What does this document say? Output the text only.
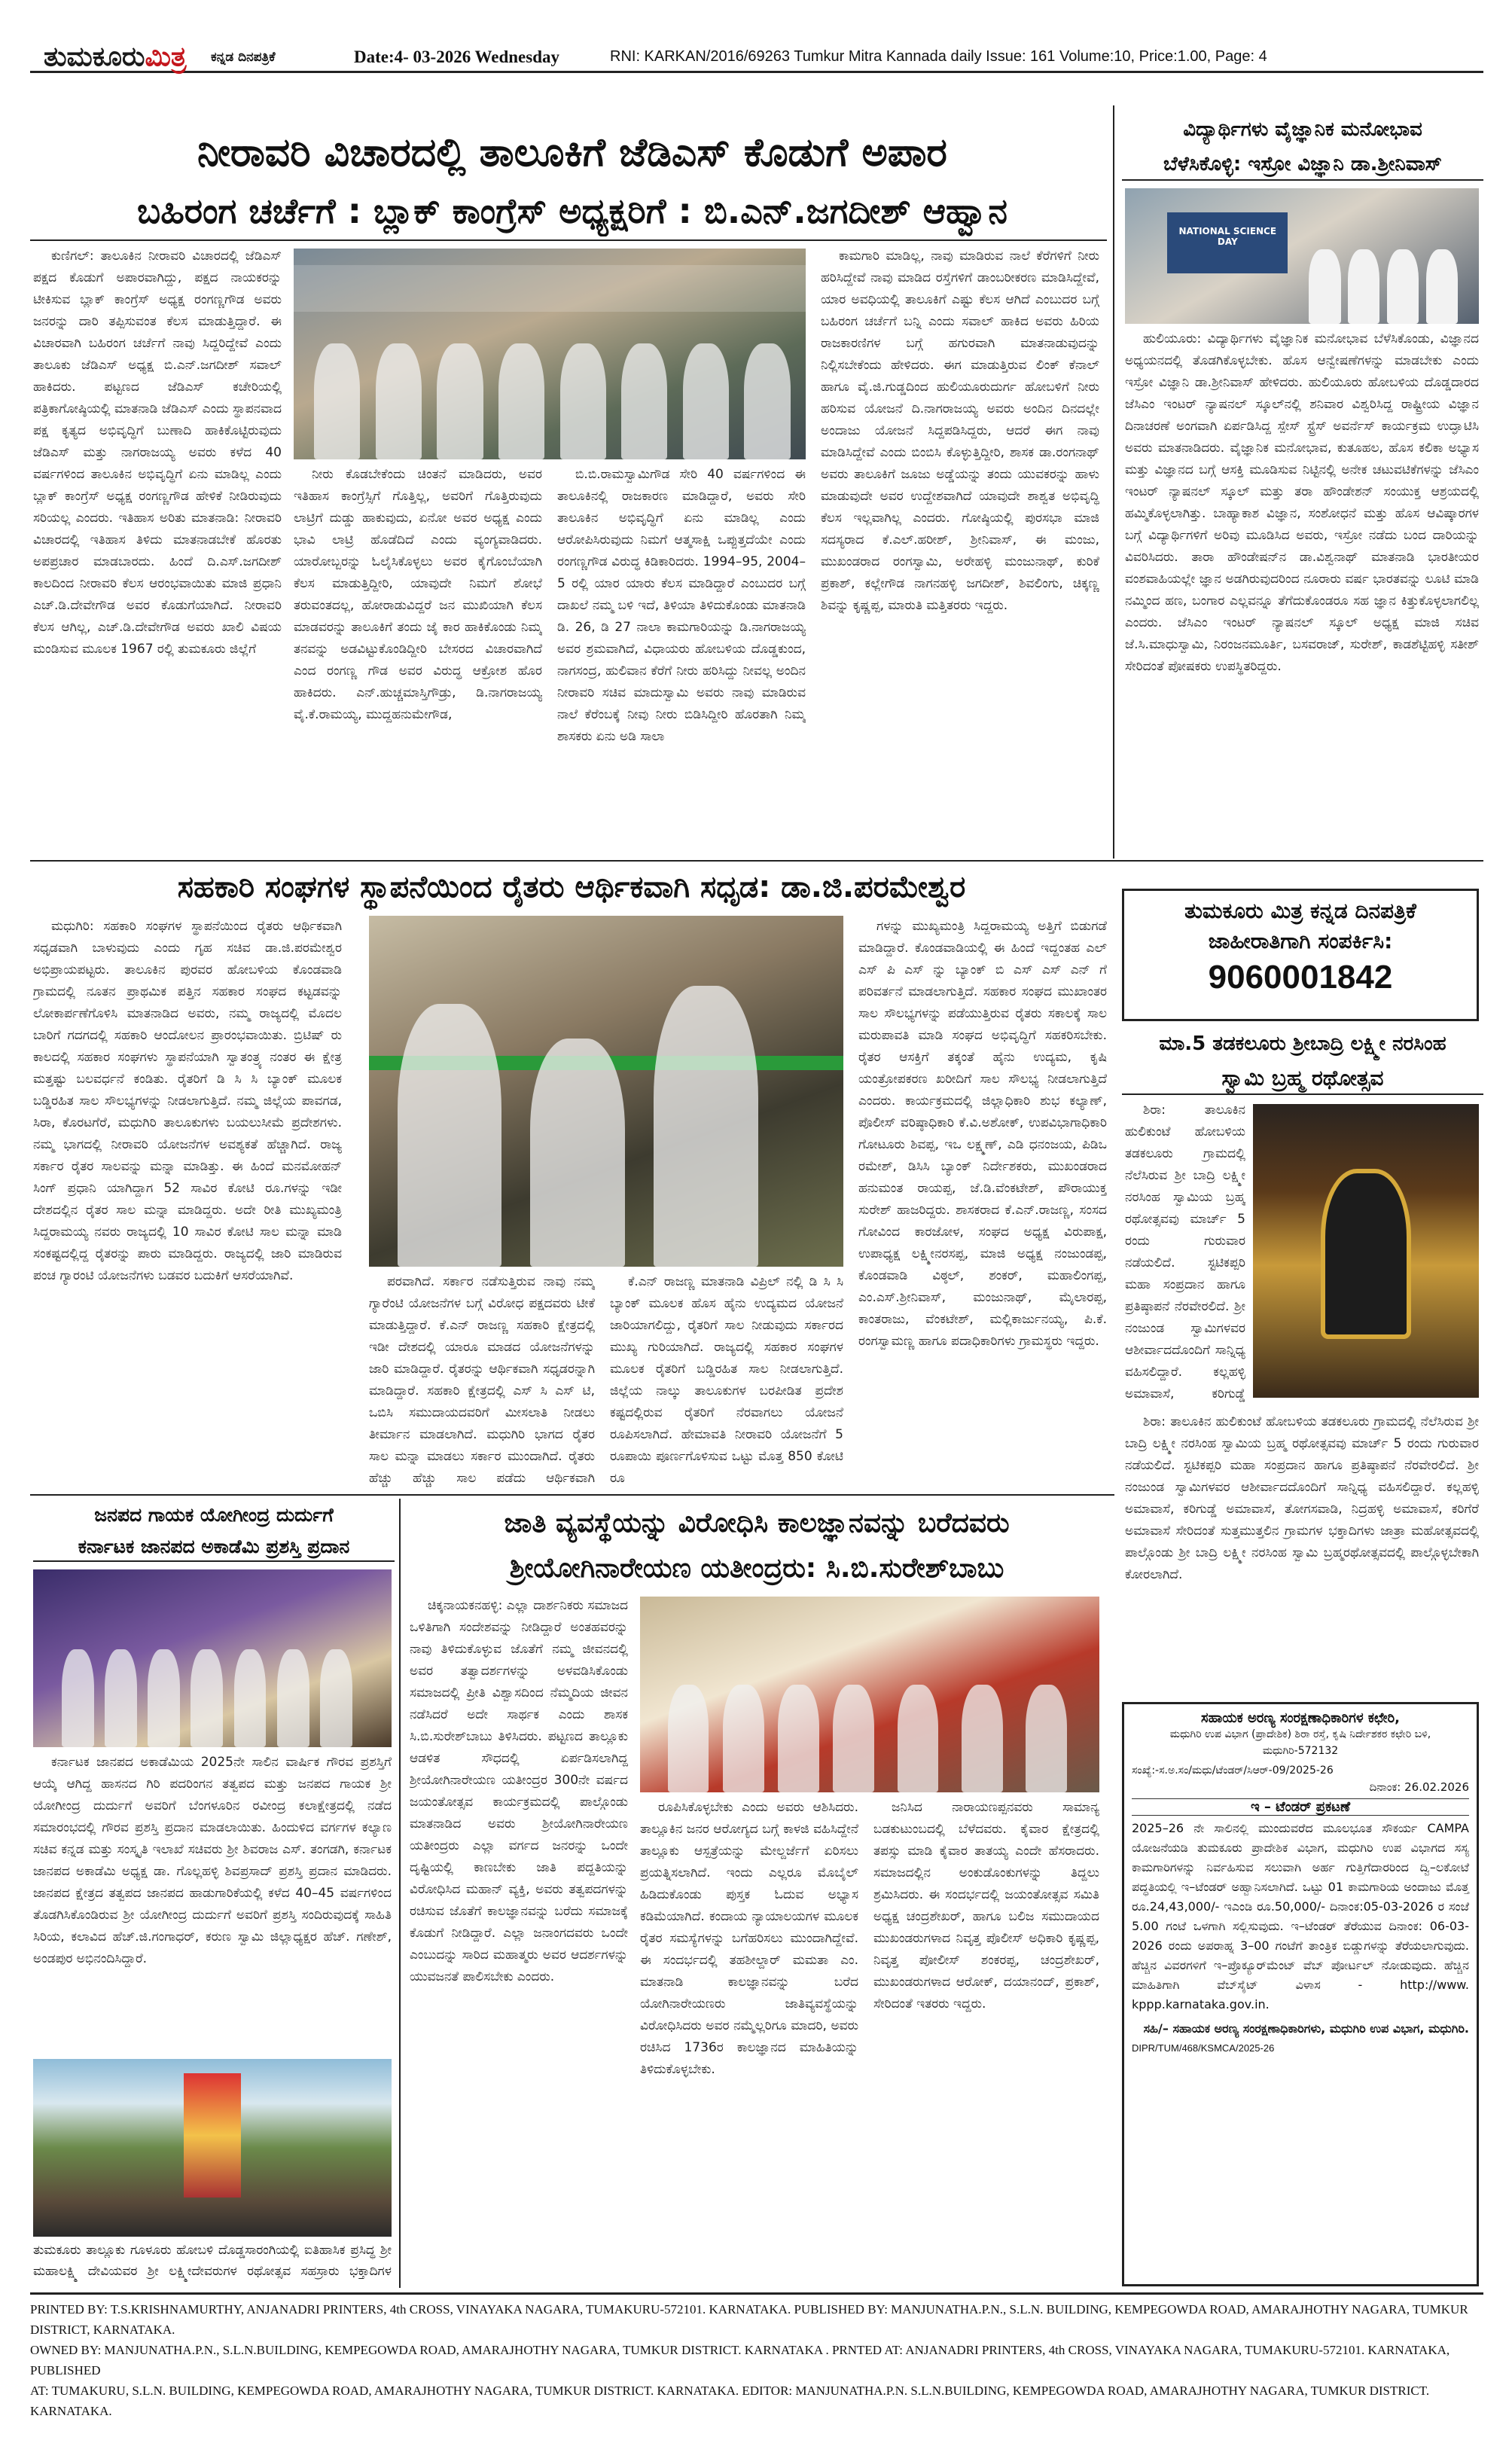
ತುಮಕೂರುಮಿತ್ರ ಕನ್ನಡ ದಿನಪತ್ರಿಕೆ	Date:4- 03-2026 Wednesday	RNI: KARKAN/2016/69263 Tumkur Mitra Kannada daily Issue: 161 Volume:10, Price:1.00, Page: 4
ನೀರಾವರಿ ವಿಚಾರದಲ್ಲಿ ತಾಲೂಕಿಗೆ ಜೆಡಿಎಸ್ ಕೊಡುಗೆ ಅಪಾರ
ಬಹಿರಂಗ ಚರ್ಚೆಗೆ : ಬ್ಲಾಕ್ ಕಾಂಗ್ರೆಸ್ ಅಧ್ಯಕ್ಷರಿಗೆ : ಬಿ.ಎನ್.ಜಗದೀಶ್ ಆಹ್ವಾನ

ಕುಣಿಗಲ್: ತಾಲೂಕಿನ ನೀರಾವರಿ ವಿಚಾರದಲ್ಲಿ ಜೆಡಿಎಸ್ ಪಕ್ಷದ ಕೊಡುಗೆ ಅಪಾರವಾಗಿದ್ದು, ಪಕ್ಷದ ನಾಯಕರನ್ನು ಟೀಕಿಸುವ ಬ್ಲಾಕ್ ಕಾಂಗ್ರೆಸ್ ಅಧ್ಯಕ್ಷ ರಂಗಣ್ಣಗೌಡ ಅವರು ಜನರನ್ನು ದಾರಿ ತಪ್ಪಿಸುವಂತ ಕೆಲಸ ಮಾಡುತ್ತಿದ್ದಾರೆ. ಈ ವಿಚಾರವಾಗಿ ಬಹಿರಂಗ ಚರ್ಚೆಗೆ ನಾವು ಸಿದ್ದರಿದ್ದೇವೆ ಎಂದು ತಾಲೂಕು ಜೆಡಿಎಸ್ ಅಧ್ಯಕ್ಷ ಬಿ.ಎನ್.ಜಗದೀಶ್ ಸವಾಲ್ ಹಾಕಿದರು. ಪಟ್ಟಣದ ಜೆಡಿಎಸ್ ಕಚೇರಿಯಲ್ಲಿ ಪತ್ರಿಕಾಗೋಷ್ಠಿಯಲ್ಲಿ ಮಾತನಾಡಿ ಜೆಡಿಎಸ್ ಎಂದು ಸ್ಥಾಪನವಾದ ಪಕ್ಷ ಕೃತ್ಯದ ಅಭಿವೃದ್ಧಿಗೆ ಬುಣಾದಿ ಹಾಕಿಕೊಟ್ಟಿರುವುದು ಜೆಡಿಎಸ್ ಮತ್ತು ನಾಗರಾಜಯ್ಯ ಅವರು ಕಳೆದ 40 ವರ್ಷಗಳಿಂದ ತಾಲೂಕಿನ ಅಭಿವೃದ್ಧಿಗೆ ಏನು ಮಾಡಿಲ್ಲ ಎಂದು ಬ್ಲಾಕ್ ಕಾಂಗ್ರೆಸ್ ಅಧ್ಯಕ್ಷ ರಂಗಣ್ಣಗೌಡ ಹೇಳಿಕೆ ನೀಡಿರುವುದು ಸರಿಯಲ್ಲ ಎಂದರು. ಇತಿಹಾಸ ಅರಿತು ಮಾತನಾಡಿ: ನೀರಾವರಿ ವಿಚಾರದಲ್ಲಿ ಇತಿಹಾಸ ತಿಳಿದು ಮಾತನಾಡಬೇಕೆ ಹೊರತು ಅಪಪ್ರಚಾರ ಮಾಡಬಾರದು. ಹಿಂದೆ ದಿ.ಎಸ್.ಜಗದೀಶ್ ಕಾಲದಿಂದ ನೀರಾವರಿ ಕೆಲಸ ಆರಂಭವಾಯಿತು ಮಾಜಿ ಪ್ರಧಾನಿ ಎಚ್.ಡಿ.ದೇವೇಗೌಡ ಅವರ ಕೊಡುಗೆಯಾಗಿದೆ. ನೀರಾವರಿ ಕೆಲಸ ಆಗಿಲ್ಲ, ಎಚ್.ಡಿ.ದೇವೇಗೌಡ ಅವರು ಖಾಲಿ ವಿಷಯ ಮಂಡಿಸುವ ಮೂಲಕ 1967 ರಲ್ಲಿ ತುಮಕೂರು ಜಿಲ್ಲೆಗೆ

ನೀರು ಕೊಡಬೇಕೆಂದು ಚಿಂತನೆ ಮಾಡಿದರು, ಅವರ ಇತಿಹಾಸ ಕಾಂಗ್ರೆಸ್ಸಿಗೆ ಗೊತ್ತಿಲ್ಲ, ಅವರಿಗೆ ಗೊತ್ತಿರುವುದು ಲಾಟ್ರಿಗೆ ದುಡ್ಡು ಹಾಕುವುದು, ಏನೋ ಅವರ ಅಧ್ಯಕ್ಷ ಎಂದು ಭಾವಿ ಲಾಟ್ರಿ ಹೊಡೆದಿದೆ ಎಂದು ವ್ಯಂಗ್ಯವಾಡಿದರು. ಯಾರೋಬ್ಬರನ್ನು ಓಲೈಸಿಕೊಳ್ಳಲು ಅವರ ಕೈಗೊಂಬೆಯಾಗಿ ಕೆಲಸ ಮಾಡುತ್ತಿದ್ದೀರಿ, ಯಾವುದೇ ನಿಮಗೆ ಶೋಭೆ ತರುವಂತದಲ್ಲ, ಹೋರಾಡುವಿದ್ದರೆ ಜನ ಮುಖಿಯಾಗಿ ಕೆಲಸ ಮಾಡವರನ್ನು ತಾಲೂಕಿಗೆ ತಂದು ಜೈ ಕಾರ ಹಾಕಿಕೊಂಡು ನಿಮ್ಮ ತನವನ್ನು ಅಡವಿಟ್ಟುಕೊಂಡಿದ್ದೀರಿ ಬೇಸರದ ವಿಚಾರವಾಗಿದೆ ಎಂದ ರಂಗಣ್ಣ ಗೌಡ ಅವರ ವಿರುದ್ಧ ಆಕ್ರೋಶ ಹೊರ ಹಾಕಿದರು. ಎನ್.ಹುಚ್ಚಮಾಸ್ತಿಗೌಡ್ರು, ಡಿ.ನಾಗರಾಜಯ್ಯ ವೈ.ಕೆ.ರಾಮಯ್ಯ, ಮುದ್ದಹನುಮೇಗೌಡ,

ಬಿ.ಬಿ.ರಾಮಸ್ವಾಮಿಗೌಡ ಸೇರಿ 40 ವರ್ಷಗಳಿಂದ ಈ ತಾಲೂಕಿನಲ್ಲಿ ರಾಜಕಾರಣ ಮಾಡಿದ್ದಾರೆ, ಅವರು ಸೇರಿ ತಾಲೂಕಿನ ಅಭಿವೃದ್ಧಿಗೆ ಏನು ಮಾಡಿಲ್ಲ ಎಂದು ಆರೋಪಿಸಿರುವುದು ನಿಮಗೆ ಆತ್ಮಸಾಕ್ಷಿ ಒಪ್ಪುತ್ತದೆಯೇ ಎಂದು ರಂಗಣ್ಣಗೌಡ ವಿರುದ್ಧ ಕಿಡಿಕಾರಿದರು. 1994–95, 2004–5 ರಲ್ಲಿ ಯಾರ ಯಾರು ಕೆಲಸ ಮಾಡಿದ್ದಾರೆ ಎಂಬುದರ ಬಗ್ಗೆ ದಾಖಲೆ ನಮ್ಮ ಬಳಿ ಇದೆ, ತಿಳಿಯಾ ತಿಳಿದುಕೊಂಡು ಮಾತನಾಡಿ ಡಿ. 26, ಡಿ 27 ನಾಲಾ ಕಾಮಗಾರಿಯನ್ನು ಡಿ.ನಾಗರಾಜಯ್ಯ ಅವರ ಶ್ರಮವಾಗಿದೆ, ವಿಧಾಯರು ಹೋಬಳಿಯ ದೊಡ್ಡಕುಂದ, ನಾಗಸಂದ್ರ, ಹುಲಿವಾನ ಕೆರೆಗೆ ನೀರು ಹರಿಸಿದ್ದು ನೀವಲ್ಲ ಅಂದಿನ ನೀರಾವರಿ ಸಚಿವ ಮಾದುಸ್ವಾಮಿ ಅವರು ನಾವು ಮಾಡಿರುವ ನಾಲೆ ಕೆರೆಂಬಕ್ಕೆ ನೀವು ನೀರು ಬಿಡಿಸಿದ್ದೀರಿ ಹೊರತಾಗಿ ನಿಮ್ಮ ಶಾಸಕರು ಏನು ಅಡಿ ಸಾಲಾ

ಕಾಮಗಾರಿ ಮಾಡಿಲ್ಲ, ನಾವು ಮಾಡಿರುವ ನಾಲೆ ಕೆರೆಗಳಿಗೆ ನೀರು ಹರಿಸಿದ್ದೇವೆ ನಾವು ಮಾಡಿದ ರಸ್ತೆಗಳಿಗೆ ಡಾಂಬರೀಕರಣ ಮಾಡಿಸಿದ್ದೇವೆ, ಯಾರ ಅವಧಿಯಲ್ಲಿ ತಾಲೂಕಿಗೆ ಎಷ್ಟು ಕೆಲಸ ಆಗಿದೆ ಎಂಬುದರ ಬಗ್ಗೆ ಬಹಿರಂಗ ಚರ್ಚೆಗೆ ಬನ್ನಿ ಎಂದು ಸವಾಲ್ ಹಾಕಿದ ಅವರು ಹಿರಿಯ ರಾಜಕಾರಣಿಗಳ ಬಗ್ಗೆ ಹಗುರವಾಗಿ ಮಾತನಾಡುವುದನ್ನು ನಿಲ್ಲಿಸಬೇಕೆಂದು ಹೇಳಿದರು. ಈಗ ಮಾಡುತ್ತಿರುವ ಲಿಂಕ್ ಕೆನಾಲ್ ಹಾಗೂ ವೈ.ಜಿ.ಗುಡ್ಡದಿಂದ ಹುಲಿಯೂರುದುರ್ಗ ಹೋಬಳಿಗೆ ನೀರು ಹರಿಸುವ ಯೋಜನೆ ದಿ.ನಾಗರಾಜಯ್ಯ ಅವರು ಅಂದಿನ ದಿನದಲ್ಲೇ ಅಂದಾಜು ಯೋಜನೆ ಸಿದ್ದಪಡಿಸಿದ್ದರು, ಆದರೆ ಈಗ ನಾವು ಮಾಡಿಸಿದ್ದೇವೆ ಎಂದು ಬಿಂಬಿಸಿ ಕೊಳ್ಳುತ್ತಿದ್ದೀರಿ, ಶಾಸಕ ಡಾ.ರಂಗನಾಥ್ ಅವರು ತಾಲೂಕಿಗೆ ಜೂಜು ಅಡ್ಡೆಯನ್ನು ತಂದು ಯುವಕರನ್ನು ಹಾಳು ಮಾಡುವುದೇ ಅವರ ಉದ್ದೇಶವಾಗಿದೆ ಯಾವುದೇ ಶಾಶ್ವತ ಅಭಿವೃದ್ಧಿ ಕೆಲಸ ಇಲ್ಲವಾಗಿಲ್ಲ ಎಂದರು. ಗೋಷ್ಠಿಯಲ್ಲಿ ಪುರಸಭಾ ಮಾಜಿ ಸದಸ್ಯರಾದ ಕೆ.ಎಲ್.ಹರೀಶ್, ಶ್ರೀನಿವಾಸ್, ಈ ಮಂಜು, ಮುಖಂಡರಾದ ರಂಗಸ್ವಾಮಿ, ಅರೇಹಳ್ಳಿ ಮಂಜುನಾಥ್, ಕುರಿಕೆ ಪ್ರಕಾಶ್, ಕಲ್ಲೇಗೌಡ ನಾಗನಹಳ್ಳಿ ಜಗದೀಶ್, ಶಿವಲಿಂಗು, ಚಿಕ್ಕಣ್ಣ ಶಿವನ್ನು ಕೃಷ್ಣಪ್ಪ, ಮಾರುತಿ ಮತ್ತಿತರರು ಇದ್ದರು.

ವಿದ್ಯಾರ್ಥಿಗಳು ವೈಜ್ಞಾನಿಕ ಮನೋಭಾವ
ಬೆಳೆಸಿಕೊಳ್ಳಿ: ಇಸ್ರೋ ವಿಜ್ಞಾನಿ ಡಾ.ಶ್ರೀನಿವಾಸ್
NATIONAL SCIENCE DAY

ಹುಲಿಯೂರು: ವಿದ್ಯಾರ್ಥಿಗಳು ವೈಜ್ಞಾನಿಕ ಮನೋಭಾವ ಬೆಳೆಸಿಕೊಂಡು, ವಿಜ್ಞಾನದ ಅಧ್ಯಯನದಲ್ಲಿ ತೊಡಗಿಕೊಳ್ಳಬೇಕು. ಹೊಸ ಆನ್ವೇಷಣೆಗಳನ್ನು ಮಾಡಬೇಕು ಎಂದು ಇಸ್ರೋ ವಿಜ್ಞಾನಿ ಡಾ.ಶ್ರೀನಿವಾಸ್ ಹೇಳಿದರು. ಹುಲಿಯೂರು ಹೋಬಳಿಯ ದೊಡ್ಡದಾರದ ಜೆಸಿಎಂ ಇಂಟರ್ ನ್ಯಾಷನಲ್ ಸ್ಕೂಲ್‌ನಲ್ಲಿ ಶನಿವಾರ ವಿಶ್ವರಿಸಿದ್ದ ರಾಷ್ಟ್ರೀಯ ವಿಜ್ಞಾನ ದಿನಾಚರಣೆ ಅಂಗವಾಗಿ ಏರ್ಪಡಿಸಿದ್ದ ಸ್ಪೇಸ್ ಸ್ಟ್ರೆಸ್ ಅವರ್ನೆಸ್ ಕಾರ್ಯಕ್ರಮ ಉದ್ಘಾಟಿಸಿ ಅವರು ಮಾತನಾಡಿದರು. ವೈಜ್ಞಾನಿಕ ಮನೋಭಾವ, ಕುತೂಹಲ, ಹೊಸ ಕಲಿಕಾ ಅಭ್ಯಾಸ ಮತ್ತು ವಿಜ್ಞಾನದ ಬಗ್ಗೆ ಆಸಕ್ತಿ ಮೂಡಿಸುವ ನಿಟ್ಟಿನಲ್ಲಿ ಅನೇಕ ಚಟುವಟಿಕೆಗಳನ್ನು ಜೆಸಿಎಂ ಇಂಟರ್ ನ್ಯಾಷನಲ್ ಸ್ಕೂಲ್ ಮತ್ತು ತರಾ ಹೌಂಡೇಶನ್ ಸಂಯುಕ್ತ ಆಶ್ರಯದಲ್ಲಿ ಹಮ್ಮಿಕೊಳ್ಳಲಾಗಿತ್ತು. ಬಾಹ್ಯಾಕಾಶ ವಿಜ್ಞಾನ, ಸಂಶೋಧನೆ ಮತ್ತು ಹೊಸ ಆವಿಷ್ಕಾರಗಳ ಬಗ್ಗೆ ವಿದ್ಯಾರ್ಥಿಗಳಿಗೆ ಅರಿವು ಮೂಡಿಸಿದ ಅವರು, ಇಸ್ರೋ ನಡೆದು ಬಂದ ದಾರಿಯನ್ನು ವಿವರಿಸಿದರು. ತಾರಾ ಹೌಂಡೇಷನ್‌ನ ಡಾ.ವಿಶ್ವನಾಥ್ ಮಾತನಾಡಿ ಭಾರತೀಯರ ವಂಶವಾಹಿಯಲ್ಲೇ ಜ್ಞಾನ ಅಡಗಿರುವುದರಿಂದ ನೂರಾರು ವರ್ಷ ಭಾರತವನ್ನು ಲೂಟಿ ಮಾಡಿ ನಮ್ಮಿಂದ ಹಣ, ಬಂಗಾರ ಎಲ್ಲವನ್ನೂ ತೆಗೆದುಕೊಂಡರೂ ಸಹ ಜ್ಞಾನ ಕಿತ್ತುಕೊಳ್ಳಲಾಗಲಿಲ್ಲ ಎಂದರು. ಜೆಸಿಎಂ ಇಂಟರ್ ನ್ಯಾಷನಲ್ ಸ್ಕೂಲ್ ಅಧ್ಯಕ್ಷ ಮಾಜಿ ಸಚಿವ ಜೆ.ಸಿ.ಮಾಧುಸ್ವಾಮಿ, ನಿರಂಜನಮೂರ್ತಿ, ಬಸವರಾಜ್, ಸುರೇಶ್, ಕಾಡಶೆಟ್ಟಿಹಳ್ಳಿ ಸತೀಶ್ ಸೇರಿದಂತೆ ಪೋಷಕರು ಉಪಸ್ಥಿತರಿದ್ದರು.

ಸಹಕಾರಿ ಸಂಘಗಳ ಸ್ಥಾಪನೆಯಿಂದ ರೈತರು ಆರ್ಥಿಕವಾಗಿ ಸಧೃಡ: ಡಾ.ಜಿ.ಪರಮೇಶ್ವರ

ಮಧುಗಿರಿ: ಸಹಕಾರಿ ಸಂಘಗಳ ಸ್ಥಾಪನೆಯಿಂದ ರೈತರು ಆರ್ಥಿಕವಾಗಿ ಸಧೃಡವಾಗಿ ಬಾಳುವುದು ಎಂದು ಗೃಹ ಸಚಿವ ಡಾ.ಜಿ.ಪರಮೇಶ್ವರ ಅಭಿಪ್ರಾಯಪಟ್ಟರು. ತಾಲೂಕಿನ ಪುರವರ ಹೋಬಳಿಯ ಕೊಂಡವಾಡಿ ಗ್ರಾಮದಲ್ಲಿ ನೂತನ ಪ್ರಾಥಮಿಕ ಪತ್ತಿನ ಸಹಕಾರ ಸಂಘದ ಕಟ್ಟಡವನ್ನು ಲೋಕಾರ್ಪಣೆಗೊಳಿಸಿ ಮಾತನಾಡಿದ ಅವರು, ನಮ್ಮ ರಾಜ್ಯದಲ್ಲಿ ಮೊದಲ ಬಾರಿಗೆ ಗದಗದಲ್ಲಿ ಸಹಕಾರಿ ಆಂದೋಲನ ಪ್ರಾರಂಭವಾಯಿತು. ಬ್ರಿಟಿಷ್ ರು ಕಾಲದಲ್ಲಿ ಸಹಕಾರ ಸಂಘಗಳು ಸ್ಥಾಪನೆಯಾಗಿ ಸ್ವಾತಂತ್ರ್ಯ ನಂತರ ಈ ಕ್ಷೇತ್ರ ಮತ್ತಷ್ಟು ಬಲವರ್ಧನೆ ಕಂಡಿತು. ರೈತರಿಗೆ ಡಿ ಸಿ ಸಿ ಬ್ಯಾಂಕ್ ಮೂಲಕ ಬಡ್ಡಿರಹಿತ ಸಾಲ ಸೌಲಭ್ಯಗಳನ್ನು ನೀಡಲಾಗುತ್ತಿದೆ. ನಮ್ಮ ಜಿಲ್ಲೆಯ ಪಾವಗಡ, ಸಿರಾ, ಕೊರಟಗೆರೆ, ಮಧುಗಿರಿ ತಾಲೂಕುಗಳು ಬಯಲುಸೀಮೆ ಪ್ರದೇಶಗಳು. ನಮ್ಮ ಭಾಗದಲ್ಲಿ ನೀರಾವರಿ ಯೋಜನೆಗಳ ಅವಶ್ಯಕತೆ ಹೆಚ್ಚಾಗಿದೆ. ರಾಜ್ಯ ಸರ್ಕಾರ ರೈತರ ಸಾಲವನ್ನು ಮನ್ನಾ ಮಾಡಿತ್ತು. ಈ ಹಿಂದೆ ಮನಮೋಹನ್ ಸಿಂಗ್ ಪ್ರಧಾನಿ ಯಾಗಿದ್ದಾಗ 52 ಸಾವಿರ ಕೋಟಿ ರೂ.ಗಳನ್ನು ಇಡೀ ದೇಶದಲ್ಲಿನ ರೈತರ ಸಾಲ ಮನ್ನಾ ಮಾಡಿದ್ದರು. ಅದೇ ರೀತಿ ಮುಖ್ಯಮಂತ್ರಿ ಸಿದ್ದರಾಮಯ್ಯ ನವರು ರಾಜ್ಯದಲ್ಲಿ 10 ಸಾವಿರ ಕೋಟಿ ಸಾಲ ಮನ್ನಾ ಮಾಡಿ ಸಂಕಷ್ಟದಲ್ಲಿದ್ದ ರೈತರನ್ನು ಪಾರು ಮಾಡಿದ್ದರು. ರಾಜ್ಯದಲ್ಲಿ ಜಾರಿ ಮಾಡಿರುವ ಪಂಚ ಗ್ಯಾರಂಟಿ ಯೋಜನೆಗಳು ಬಡವರ ಬದುಕಿಗೆ ಆಸರೆಯಾಗಿವೆ.	ಪರವಾಗಿದೆ. ಸರ್ಕಾರ ನಡೆಸುತ್ತಿರುವ ನಾವು ನಮ್ಮ ಗ್ಯಾರೆಂಟಿ ಯೋಜನೆಗಳ ಬಗ್ಗೆ ವಿರೋಧ ಪಕ್ಷದವರು ಟೀಕೆ ಮಾಡುತ್ತಿದ್ದಾರೆ. ಕೆ.ಎನ್ ರಾಜಣ್ಣ ಸಹಕಾರಿ ಕ್ಷೇತ್ರದಲ್ಲಿ ಇಡೀ ದೇಶದಲ್ಲಿ ಯಾರೂ ಮಾಡದ ಯೋಜನೆಗಳನ್ನು ಜಾರಿ ಮಾಡಿದ್ದಾರೆ. ರೈತರನ್ನು ಆರ್ಥಿಕವಾಗಿ ಸಧೃಡರನ್ನಾಗಿ ಮಾಡಿದ್ದಾರೆ. ಸಹಕಾರಿ ಕ್ಷೇತ್ರದಲ್ಲಿ ಎಸ್ ಸಿ ಎಸ್ ಟಿ, ಒಬಿಸಿ ಸಮುದಾಯದವರಿಗೆ ಮೀಸಲಾತಿ ನೀಡಲು ತೀರ್ಮಾನ ಮಾಡಲಾಗಿದೆ. ಮಧುಗಿರಿ ಭಾಗದ ರೈತರ ಸಾಲ ಮನ್ನಾ ಮಾಡಲು ಸರ್ಕಾರ ಮುಂದಾಗಿದೆ. ರೈತರು ಹೆಚ್ಚು ಹೆಚ್ಚು ಸಾಲ ಪಡೆದು ಆರ್ಥಿಕವಾಗಿ

ಕೆ.ಎನ್ ರಾಜಣ್ಣ ಮಾತನಾಡಿ ವಿಪ್ರಿಲ್ ನಲ್ಲಿ ಡಿ ಸಿ ಸಿ ಬ್ಯಾಂಕ್ ಮೂಲಕ ಹೊಸ ಹೈನು ಉದ್ಯಮದ ಯೋಜನೆ ಜಾರಿಯಾಗಲಿದ್ದು, ರೈತರಿಗೆ ಸಾಲ ನೀಡುವುದು ಸರ್ಕಾರದ ಮುಖ್ಯ ಗುರಿಯಾಗಿದೆ. ರಾಜ್ಯದಲ್ಲಿ ಸಹಕಾರ ಸಂಘಗಳ ಮೂಲಕ ರೈತರಿಗೆ ಬಡ್ಡಿರಹಿತ ಸಾಲ ನೀಡಲಾಗುತ್ತಿದೆ. ಜಿಲ್ಲೆಯ ನಾಲ್ಕು ತಾಲೂಕುಗಳ ಬರಪೀಡಿತ ಪ್ರದೇಶ ಕಷ್ಟದಲ್ಲಿರುವ ರೈತರಿಗೆ ನೆರವಾಗಲು ಯೋಜನೆ ರೂಪಿಸಲಾಗಿದೆ. ಹೇಮಾವತಿ ನೀರಾವರಿ ಯೋಜನೆಗೆ 5 ರೂಪಾಯಿ ಪೂರ್ಣಗೊಳಿಸುವ ಒಟ್ಟು ಮೊತ್ತ 850 ಕೋಟಿ ರೂ

ಗಳನ್ನು ಮುಖ್ಯಮಂತ್ರಿ ಸಿದ್ದರಾಮಯ್ಯ ಅತ್ತಿಗೆ ಬಿಡುಗಡೆ ಮಾಡಿದ್ದಾರೆ. ಕೊಂಡವಾಡಿಯಲ್ಲಿ ಈ ಹಿಂದೆ ಇದ್ದಂತಹ ಎಲ್ ಎಸ್ ಪಿ ಎಸ್ ನ್ನು ಬ್ಯಾಂಕ್ ಬಿ ಎಸ್ ಎಸ್ ಎನ್ ಗೆ ಪರಿವರ್ತನೆ ಮಾಡಲಾಗುತ್ತಿದೆ. ಸಹಕಾರ ಸಂಘದ ಮುಖಾಂತರ ಸಾಲ ಸೌಲಭ್ಯಗಳನ್ನು ಪಡೆಯುತ್ತಿರುವ ರೈತರು ಸಕಾಲಕ್ಕೆ ಸಾಲ ಮರುಪಾವತಿ ಮಾಡಿ ಸಂಘದ ಅಭಿವೃದ್ಧಿಗೆ ಸಹಕರಿಸಬೇಕು. ರೈತರ ಆಸಕ್ತಿಗೆ ತಕ್ಕಂತೆ ಹೈನು ಉದ್ಯಮ, ಕೃಷಿ ಯಂತ್ರೋಪಕರಣ ಖರೀದಿಗೆ ಸಾಲ ಸೌಲಭ್ಯ ನೀಡಲಾಗುತ್ತಿದೆ ಎಂದರು. ಕಾರ್ಯಕ್ರಮದಲ್ಲಿ ಜಿಲ್ಲಾಧಿಕಾರಿ ಶುಭ ಕಲ್ಯಾಣ್, ಪೊಲೀಸ್ ವರಿಷ್ಠಾಧಿಕಾರಿ ಕೆ.ವಿ.ಅಶೋಕ್, ಉಪವಿಭಾಗಾಧಿಕಾರಿ ಗೋಟೂರು ಶಿವಪ್ಪ, ಇಒ ಲಕ್ಷ್ಮಣ್, ಎಡಿ ಧನಂಜಯ, ಪಿಡಿಒ ರಮೇಶ್, ಡಿಸಿಸಿ ಬ್ಯಾಂಕ್ ನಿರ್ದೇಶಕರು, ಮುಖಂಡರಾದ ಹನುಮಂತ ರಾಯಪ್ಪ, ಜೆ.ಡಿ.ವೆಂಕಟೇಶ್, ಪೌರಾಯುಕ್ತ ಸುರೇಶ್ ಹಾಜರಿದ್ದರು. ಶಾಸಕರಾದ ಕೆ.ಎನ್.ರಾಜಣ್ಣ, ಸಂಸದ ಗೋವಿಂದ ಕಾರಜೋಳ, ಸಂಘದ ಅಧ್ಯಕ್ಷ ವಿರುಪಾಕ್ಷ, ಉಪಾಧ್ಯಕ್ಷ ಲಕ್ಷ್ಮೀನರಸಪ್ಪ, ಮಾಜಿ ಅಧ್ಯಕ್ಷ ನಂಜುಂಡಪ್ಪ, ಕೊಂಡವಾಡಿ ವಿಠ್ಠಲ್, ಶಂಕರ್, ಮಹಾಲಿಂಗಪ್ಪ, ಎಂ.ಎಸ್.ಶ್ರೀನಿವಾಸ್, ಮಂಜುನಾಥ್, ಮೈಲಾರಪ್ಪ, ಕಾಂತರಾಜು, ವೆಂಕಟೇಶ್, ಮಲ್ಲಿಕಾರ್ಜುನಯ್ಯ, ಪಿ.ಕೆ. ರಂಗಸ್ವಾಮಣ್ಣ ಹಾಗೂ ಪದಾಧಿಕಾರಿಗಳು ಗ್ರಾಮಸ್ಥರು ಇದ್ದರು.

ತುಮಕೂರು ಮಿತ್ರ ಕನ್ನಡ ದಿನಪತ್ರಿಕೆ
ಜಾಹೀರಾತಿಗಾಗಿ ಸಂಪರ್ಕಿಸಿ:
9060001842
ಮಾ.5 ತಡಕಲೂರು ಶ್ರೀಬಾದ್ರಿ ಲಕ್ಷ್ಮೀ ನರಸಿಂಹ
ಸ್ವಾಮಿ ಬ್ರಹ್ಮ ರಥೋತ್ಸವ

ಶಿರಾ: ತಾಲೂಕಿನ ಹುಲಿಕುಂಟೆ ಹೋಬಳಿಯ ತಡಕಲೂರು ಗ್ರಾಮದಲ್ಲಿ ನೆಲೆಸಿರುವ ಶ್ರೀ ಬಾದ್ರಿ ಲಕ್ಷ್ಮೀ ನರಸಿಂಹ ಸ್ವಾಮಿಯ ಬ್ರಹ್ಮ ರಥೋತ್ಸವವು ಮಾರ್ಚ್ 5 ರಂದು ಗುರುವಾರ ನಡೆಯಲಿದೆ. ಸ್ಟಟಿಕಪ್ಪರಿ ಮಹಾ ಸಂಪ್ರದಾನ ಹಾಗೂ ಪ್ರತಿಷ್ಠಾಪನೆ ನೆರವೇರಲಿದೆ. ಶ್ರೀ ನಂಜುಂಡ ಸ್ವಾಮಿಗಳವರ ಆಶೀರ್ವಾದದೊಂದಿಗೆ ಸಾನ್ನಿಧ್ಯ ವಹಿಸಲಿದ್ದಾರೆ. ಕಲ್ಲಹಳ್ಳಿ ಅಮಾವಾಸೆ, ಕರಿಗುಡ್ಡೆ

ಶಿರಾ: ತಾಲೂಕಿನ ಹುಲಿಕುಂಟೆ ಹೋಬಳಿಯ ತಡಕಲೂರು ಗ್ರಾಮದಲ್ಲಿ ನೆಲೆಸಿರುವ ಶ್ರೀ ಬಾದ್ರಿ ಲಕ್ಷ್ಮೀ ನರಸಿಂಹ ಸ್ವಾಮಿಯ ಬ್ರಹ್ಮ ರಥೋತ್ಸವವು ಮಾರ್ಚ್ 5 ರಂದು ಗುರುವಾರ ನಡೆಯಲಿದೆ. ಸ್ಟಟಿಕಪ್ಪರಿ ಮಹಾ ಸಂಪ್ರದಾನ ಹಾಗೂ ಪ್ರತಿಷ್ಠಾಪನೆ ನೆರವೇರಲಿದೆ. ಶ್ರೀ ನಂಜುಂಡ ಸ್ವಾಮಿಗಳವರ ಆಶೀರ್ವಾದದೊಂದಿಗೆ ಸಾನ್ನಿಧ್ಯ ವಹಿಸಲಿದ್ದಾರೆ. ಕಲ್ಲಹಳ್ಳಿ ಅಮಾವಾಸೆ, ಕರಿಗುಡ್ಡೆ ಅಮಾವಾಸೆ, ತೋಗಸವಾಡಿ, ನಿದ್ರಹಳ್ಳಿ ಅಮಾವಾಸೆ, ಕರಿಗೆರೆ ಅಮಾವಾಸೆ ಸೇರಿದಂತೆ ಸುತ್ತಮುತ್ತಲಿನ ಗ್ರಾಮಗಳ ಭಕ್ತಾದಿಗಳು ಜಾತ್ರಾ ಮಹೋತ್ಸವದಲ್ಲಿ ಪಾಲ್ಗೊಂಡು ಶ್ರೀ ಬಾದ್ರಿ ಲಕ್ಷ್ಮೀ ನರಸಿಂಹ ಸ್ವಾಮಿ ಬ್ರಹ್ಮರಥೋತ್ಸವದಲ್ಲಿ ಪಾಲ್ಗೊಳ್ಳಬೇಕಾಗಿ ಕೋರಲಾಗಿದೆ.

ಜನಪದ ಗಾಯಕ ಯೋಗೀಂದ್ರ ದುರ್ದುಗೆ
ಕರ್ನಾಟಕ ಜಾನಪದ ಅಕಾಡೆಮಿ ಪ್ರಶಸ್ತಿ ಪ್ರದಾನ

ಕರ್ನಾಟಕ ಜಾನಪದ ಅಕಾಡೆಮಿಯ 2025ನೇ ಸಾಲಿನ ವಾರ್ಷಿಕ ಗೌರವ ಪ್ರಶಸ್ತಿಗೆ ಆಯ್ಕೆ ಆಗಿದ್ದ ಹಾಸನದ ಗಿರಿ ಪದರಿಂಗನ ತತ್ವಪದ ಮತ್ತು ಜನಪದ ಗಾಯಕ ಶ್ರೀ ಯೋಗೀಂದ್ರ ದುರ್ದುಗೆ ಅವರಿಗೆ ಬೆಂಗಳೂರಿನ ರವೀಂದ್ರ ಕಲಾಕ್ಷೇತ್ರದಲ್ಲಿ ನಡೆದ ಸಮಾರಂಭದಲ್ಲಿ ಗೌರವ ಪ್ರಶಸ್ತಿ ಪ್ರದಾನ ಮಾಡಲಾಯಿತು. ಹಿಂದುಳಿದ ವರ್ಗಗಳ ಕಲ್ಯಾಣ ಸಚಿವ ಕನ್ನಡ ಮತ್ತು ಸಂಸ್ಕೃತಿ ಇಲಾಖೆ ಸಚಿವರು ಶ್ರೀ ಶಿವರಾಜ ಎಸ್. ತಂಗಡಗಿ, ಕರ್ನಾಟಕ ಜಾನಪದ ಅಕಾಡೆಮಿ ಅಧ್ಯಕ್ಷ ಡಾ. ಗೊಲ್ಲಹಳ್ಳಿ ಶಿವಪ್ರಸಾದ್ ಪ್ರಶಸ್ತಿ ಪ್ರದಾನ ಮಾಡಿದರು. ಜಾನಪದ ಕ್ಷೇತ್ರದ ತತ್ವಪದ ಜಾನಪದ ಹಾಡುಗಾರಿಕೆಯಲ್ಲಿ ಕಳೆದ 40–45 ವರ್ಷಗಳಿಂದ ತೊಡಗಿಸಿಕೊಂಡಿರುವ ಶ್ರೀ ಯೋಗೀಂದ್ರ ದುರ್ದುಗೆ ಅವರಿಗೆ ಪ್ರಶಸ್ತಿ ಸಂದಿರುವುದಕ್ಕೆ ಸಾಹಿತಿ ಸಿರಿಯ, ಕಲಾವಿದ ಹೆಚ್.ಜಿ.ಗಂಗಾಧರ್, ಕರುಣ ಸ್ವಾಮಿ ಜಿಲ್ಲಾಧ್ಯಕ್ಷರ ಹೆಚ್. ಗಣೇಶ್, ಅಂಡಪುರ ಅಭಿನಂದಿಸಿದ್ದಾರೆ.

ತುಮಕೂರು ತಾಲ್ಲೂಕು ಗೂಳೂರು ಹೋಬಳಿ ದೊಡ್ಡಸಾರಂಗಿಯಲ್ಲಿ ಐತಿಹಾಸಿಕ ಪ್ರಸಿದ್ಧ ಶ್ರೀ ಮಹಾಲಕ್ಷ್ಮಿ ದೇವಿಯವರ ಶ್ರೀ ಲಕ್ಷ್ಮೀದೇವರುಗಳ ರಥೋತ್ಸವ ಸಹಸ್ರಾರು ಭಕ್ತಾದಿಗಳ
ಜಾತಿ ವ್ಯವಸ್ಥೆಯನ್ನು ವಿರೋಧಿಸಿ ಕಾಲಜ್ಞಾನವನ್ನು ಬರೆದವರು
ಶ್ರೀಯೋಗಿನಾರೇಯಣ ಯತೀಂದ್ರರು: ಸಿ.ಬಿ.ಸುರೇಶ್‌ಬಾಬು

ಚಿಕ್ಕನಾಯಕನಹಳ್ಳಿ: ಎಲ್ಲಾ ದಾರ್ಶನಿಕರು ಸಮಾಜದ ಒಳಿತಿಗಾಗಿ ಸಂದೇಶವನ್ನು ನೀಡಿದ್ದಾರೆ ಅಂತಹವರನ್ನು ನಾವು ತಿಳಿದುಕೊಳ್ಳುವ ಜೊತೆಗೆ ನಮ್ಮ ಜೀವನದಲ್ಲಿ ಅವರ ತತ್ವಾದರ್ಶಗಳನ್ನು ಅಳವಡಿಸಿಕೊಂಡು ಸಮಾಜದಲ್ಲಿ ಪ್ರೀತಿ ವಿಶ್ವಾಸದಿಂದ ನೆಮ್ಮದಿಯ ಜೀವನ ನಡೆಸಿದರೆ ಅದೇ ಸಾರ್ಥಕ ಎಂದು ಶಾಸಕ ಸಿ.ಬಿ.ಸುರೇಶ್‌ಬಾಬು ತಿಳಿಸಿದರು. ಪಟ್ಟಣದ ತಾಲ್ಲೂಕು ಆಡಳಿತ ಸೌಧದಲ್ಲಿ ಏರ್ಪಡಿಸಲಾಗಿದ್ದ ಶ್ರೀಯೋಗಿನಾರೇಯಣ ಯತೀಂದ್ರರ 300ನೇ ವರ್ಷದ ಜಯಂತೋತ್ಸವ ಕಾರ್ಯಕ್ರಮದಲ್ಲಿ ಪಾಲ್ಗೊಂಡು ಮಾತನಾಡಿದ ಅವರು ಶ್ರೀಯೋಗಿನಾರೇಯಣ ಯತೀಂದ್ರರು ಎಲ್ಲಾ ವರ್ಗದ ಜನರನ್ನು ಒಂದೇ ದೃಷ್ಟಿಯಲ್ಲಿ ಕಾಣಬೇಕು ಜಾತಿ ಪದ್ದತಿಯನ್ನು ವಿರೋಧಿಸಿದ ಮಹಾನ್ ವ್ಯಕ್ತಿ, ಅವರು ತತ್ವಪದಗಳನ್ನು ರಚಿಸುವ ಜೊತೆಗೆ ಕಾಲಜ್ಞಾನವನ್ನು ಬರೆದು ಸಮಾಜಕ್ಕೆ ಕೊಡುಗೆ ನೀಡಿದ್ದಾರೆ. ಎಲ್ಲಾ ಜನಾಂಗದವರು ಒಂದೇ ಎಂಬುದನ್ನು ಸಾರಿದ ಮಹಾತ್ಮರು ಅವರ ಆದರ್ಶಗಳನ್ನು ಯುವಜನತೆ ಪಾಲಿಸಬೇಕು ಎಂದರು.

ರೂಪಿಸಿಕೊಳ್ಳಬೇಕು ಎಂದು ಅವರು ಆಶಿಸಿದರು. ತಾಲ್ಲೂಕಿನ ಜನರ ಆರೋಗ್ಯದ ಬಗ್ಗೆ ಕಾಳಜಿ ವಹಿಸಿದ್ದೇನೆ ತಾಲ್ಲೂಕು ಆಸ್ಪತ್ರೆಯನ್ನು ಮೇಲ್ದರ್ಜೆಗೆ ಏರಿಸಲು ಪ್ರಯತ್ನಿಸಲಾಗಿದೆ. ಇಂದು ಎಲ್ಲರೂ ಮೊಬೈಲ್ ಹಿಡಿದುಕೊಂಡು ಪುಸ್ತಕ ಓದುವ ಅಭ್ಯಾಸ ಕಡಿಮೆಯಾಗಿದೆ. ಕಂದಾಯ ನ್ಯಾಯಾಲಯಗಳ ಮೂಲಕ ರೈತರ ಸಮಸ್ಯೆಗಳನ್ನು ಬಗೆಹರಿಸಲು ಮುಂದಾಗಿದ್ದೇವೆ. ಈ ಸಂದರ್ಭದಲ್ಲಿ ತಹಶೀಲ್ದಾರ್ ಮಮತಾ ಎಂ. ಮಾತನಾಡಿ ಕಾಲಜ್ಞಾನವನ್ನು ಬರೆದ ಯೋಗಿನಾರೇಯಣರು ಜಾತಿವ್ಯವಸ್ಥೆಯನ್ನು ವಿರೋಧಿಸಿದರು ಅವರ ನಮ್ಮೆಲ್ಲರಿಗೂ ಮಾದರಿ, ಅವರು ರಚಿಸಿದ 1736ರ ಕಾಲಜ್ಞಾನದ ಮಾಹಿತಿಯನ್ನು ತಿಳಿದುಕೊಳ್ಳಬೇಕು.

ಜನಿಸಿದ ನಾರಾಯಣಪ್ಪನವರು ಸಾಮಾನ್ಯ ಬಡಕುಟುಂಬದಲ್ಲಿ ಬೆಳೆದವರು. ಕೈವಾರ ಕ್ಷೇತ್ರದಲ್ಲಿ ತಪಸ್ಸು ಮಾಡಿ ಕೈವಾರ ತಾತಯ್ಯ ಎಂದೇ ಹೆಸರಾದರು. ಸಮಾಜದಲ್ಲಿನ ಅಂಕುಡೊಂಕುಗಳನ್ನು ತಿದ್ದಲು ಶ್ರಮಿಸಿದರು. ಈ ಸಂದರ್ಭದಲ್ಲಿ ಜಯಂತೋತ್ಸವ ಸಮಿತಿ ಅಧ್ಯಕ್ಷ ಚಂದ್ರಶೇಖರ್, ಹಾಗೂ ಬಲಿಜ ಸಮುದಾಯದ ಮುಖಂಡರುಗಳಾದ ನಿವೃತ್ತ ಪೊಲೀಸ್ ಅಧಿಕಾರಿ ಕೃಷ್ಣಪ್ಪ, ನಿವೃತ್ತ ಪೋಲೀಸ್ ಶಂಕರಪ್ಪ, ಚಂದ್ರಶೇಖರ್, ಮುಖಂಡರುಗಳಾದ ಆರೋಕ್, ದಯಾನಂದ್, ಪ್ರಕಾಶ್, ಸೇರಿದಂತೆ ಇತರರು ಇದ್ದರು.

ಸಹಾಯಕ ಅರಣ್ಯ ಸಂರಕ್ಷಣಾಧಿಕಾರಿಗಳ ಕಛೇರಿ,
ಮಧುಗಿರಿ ಉಪ ವಿಭಾಗ (ಪ್ರಾದೇಶಿಕ) ಶಿರಾ ರಸ್ತೆ, ಕೃಷಿ ನಿರ್ದೇಶಕರ ಕಛೇರಿ ಬಳಿ, ಮಧುಗಿರಿ-572132
ಸಂಖ್ಯೆ:-ಸ.ಅ.ಸಂ/ಮಧು/ಟೆಂಡರ್/ಸಿಆರ್-09/2025-26
ದಿನಾಂಕ: 26.02.2026
ಇ – ಟೆಂಡರ್ ಪ್ರಕಟಣೆ
2025–26 ನೇ ಸಾಲಿನಲ್ಲಿ ಮುಂದುವರೆದ ಮೂಲಭೂತ ಸೌಕರ್ಯ CAMPA ಯೋಜನೆಯಡಿ ತುಮಕೂರು ಪ್ರಾದೇಶಿಕ ವಿಭಾಗ, ಮಧುಗಿರಿ ಉಪ ವಿಭಾಗದ ಸಸ್ಯ ಕಾಮಗಾರಿಗಳನ್ನು ನಿರ್ವಹಿಸುವ ಸಲುವಾಗಿ ಅರ್ಹ ಗುತ್ತಿಗೆದಾರರಿಂದ ದ್ವಿ–ಲಕೋಟೆ ಪದ್ಧತಿಯಲ್ಲಿ ಇ–ಟೆಂಡರ್ ಅಹ್ವಾನಿಸಲಾಗಿದೆ. ಒಟ್ಟು 01 ಕಾಮಗಾರಿಯ ಅಂದಾಜು ಮೊತ್ತ ರೂ.24,43,000/- ಇಎಂಡಿ ರೂ.50,000/- ದಿನಾಂಕ:05-03-2026 ರ ಸಂಜೆ 5.00 ಗಂಟೆ ಒಳಗಾಗಿ ಸಲ್ಲಿಸುವುದು. ಇ–ಟೆಂಡರ್ ತೆರೆಯುವ ದಿನಾಂಕ: 06-03-2026 ರಂದು ಅಪರಾಹ್ನ 3–00 ಗಂಟೆಗೆ ತಾಂತ್ರಿಕ ಬಿಡ್ಡುಗಳನ್ನು ತೆರೆಯಲಾಗುವುದು. ಹೆಚ್ಚಿನ ವಿವರಗಳಿಗೆ ಇ–ಪ್ರೊಕ್ಯೂರ್‌ಮೆಂಟ್ ವೆಬ್ ಪೋರ್ಟಲ್ ನೋಡುವುದು. ಹೆಚ್ಚಿನ ಮಾಹಿತಿಗಾಗಿ ವೆಬ್‌ಸೈಟ್ ವಿಳಾಸ - http://www. kppp.karnataka.gov.in.
ಸಹಿ/– ಸಹಾಯಕ ಅರಣ್ಯ ಸಂರಕ್ಷಣಾಧಿಕಾರಿಗಳು, ಮಧುಗಿರಿ ಉಪ ವಿಭಾಗ, ಮಧುಗಿರಿ.
DIPR/TUM/468/KSMCA/2025-26
PRINTED BY: T.S.KRISHNAMURTHY, ANJANADRI PRINTERS, 4th CROSS, VINAYAKA NAGARA, TUMAKURU-572101. KARNATAKA. PUBLISHED BY: MANJUNATHA.P.N., S.L.N. BUILDING, KEMPEGOWDA ROAD, AMARAJHOTHY NAGARA, TUMKUR DISTRICT, KARNATAKA.
OWNED BY: MANJUNATHA.P.N., S.L.N.BUILDING, KEMPEGOWDA ROAD, AMARAJHOTHY NAGARA, TUMKUR DISTRICT. KARNATAKA . PRNTED AT: ANJANADRI PRINTERS, 4th CROSS, VINAYAKA NAGARA, TUMAKURU-572101. KARNATAKA, PUBLISHED
AT: TUMAKURU, S.L.N. BUILDING, KEMPEGOWDA ROAD, AMARAJHOTHY NAGARA, TUMKUR DISTRICT. KARNATAKA. EDITOR: MANJUNATHA.P.N. S.L.N.BUILDING, KEMPEGOWDA ROAD, AMARAJHOTHY NAGARA, TUMKUR DISTRICT. KARNATAKA.
